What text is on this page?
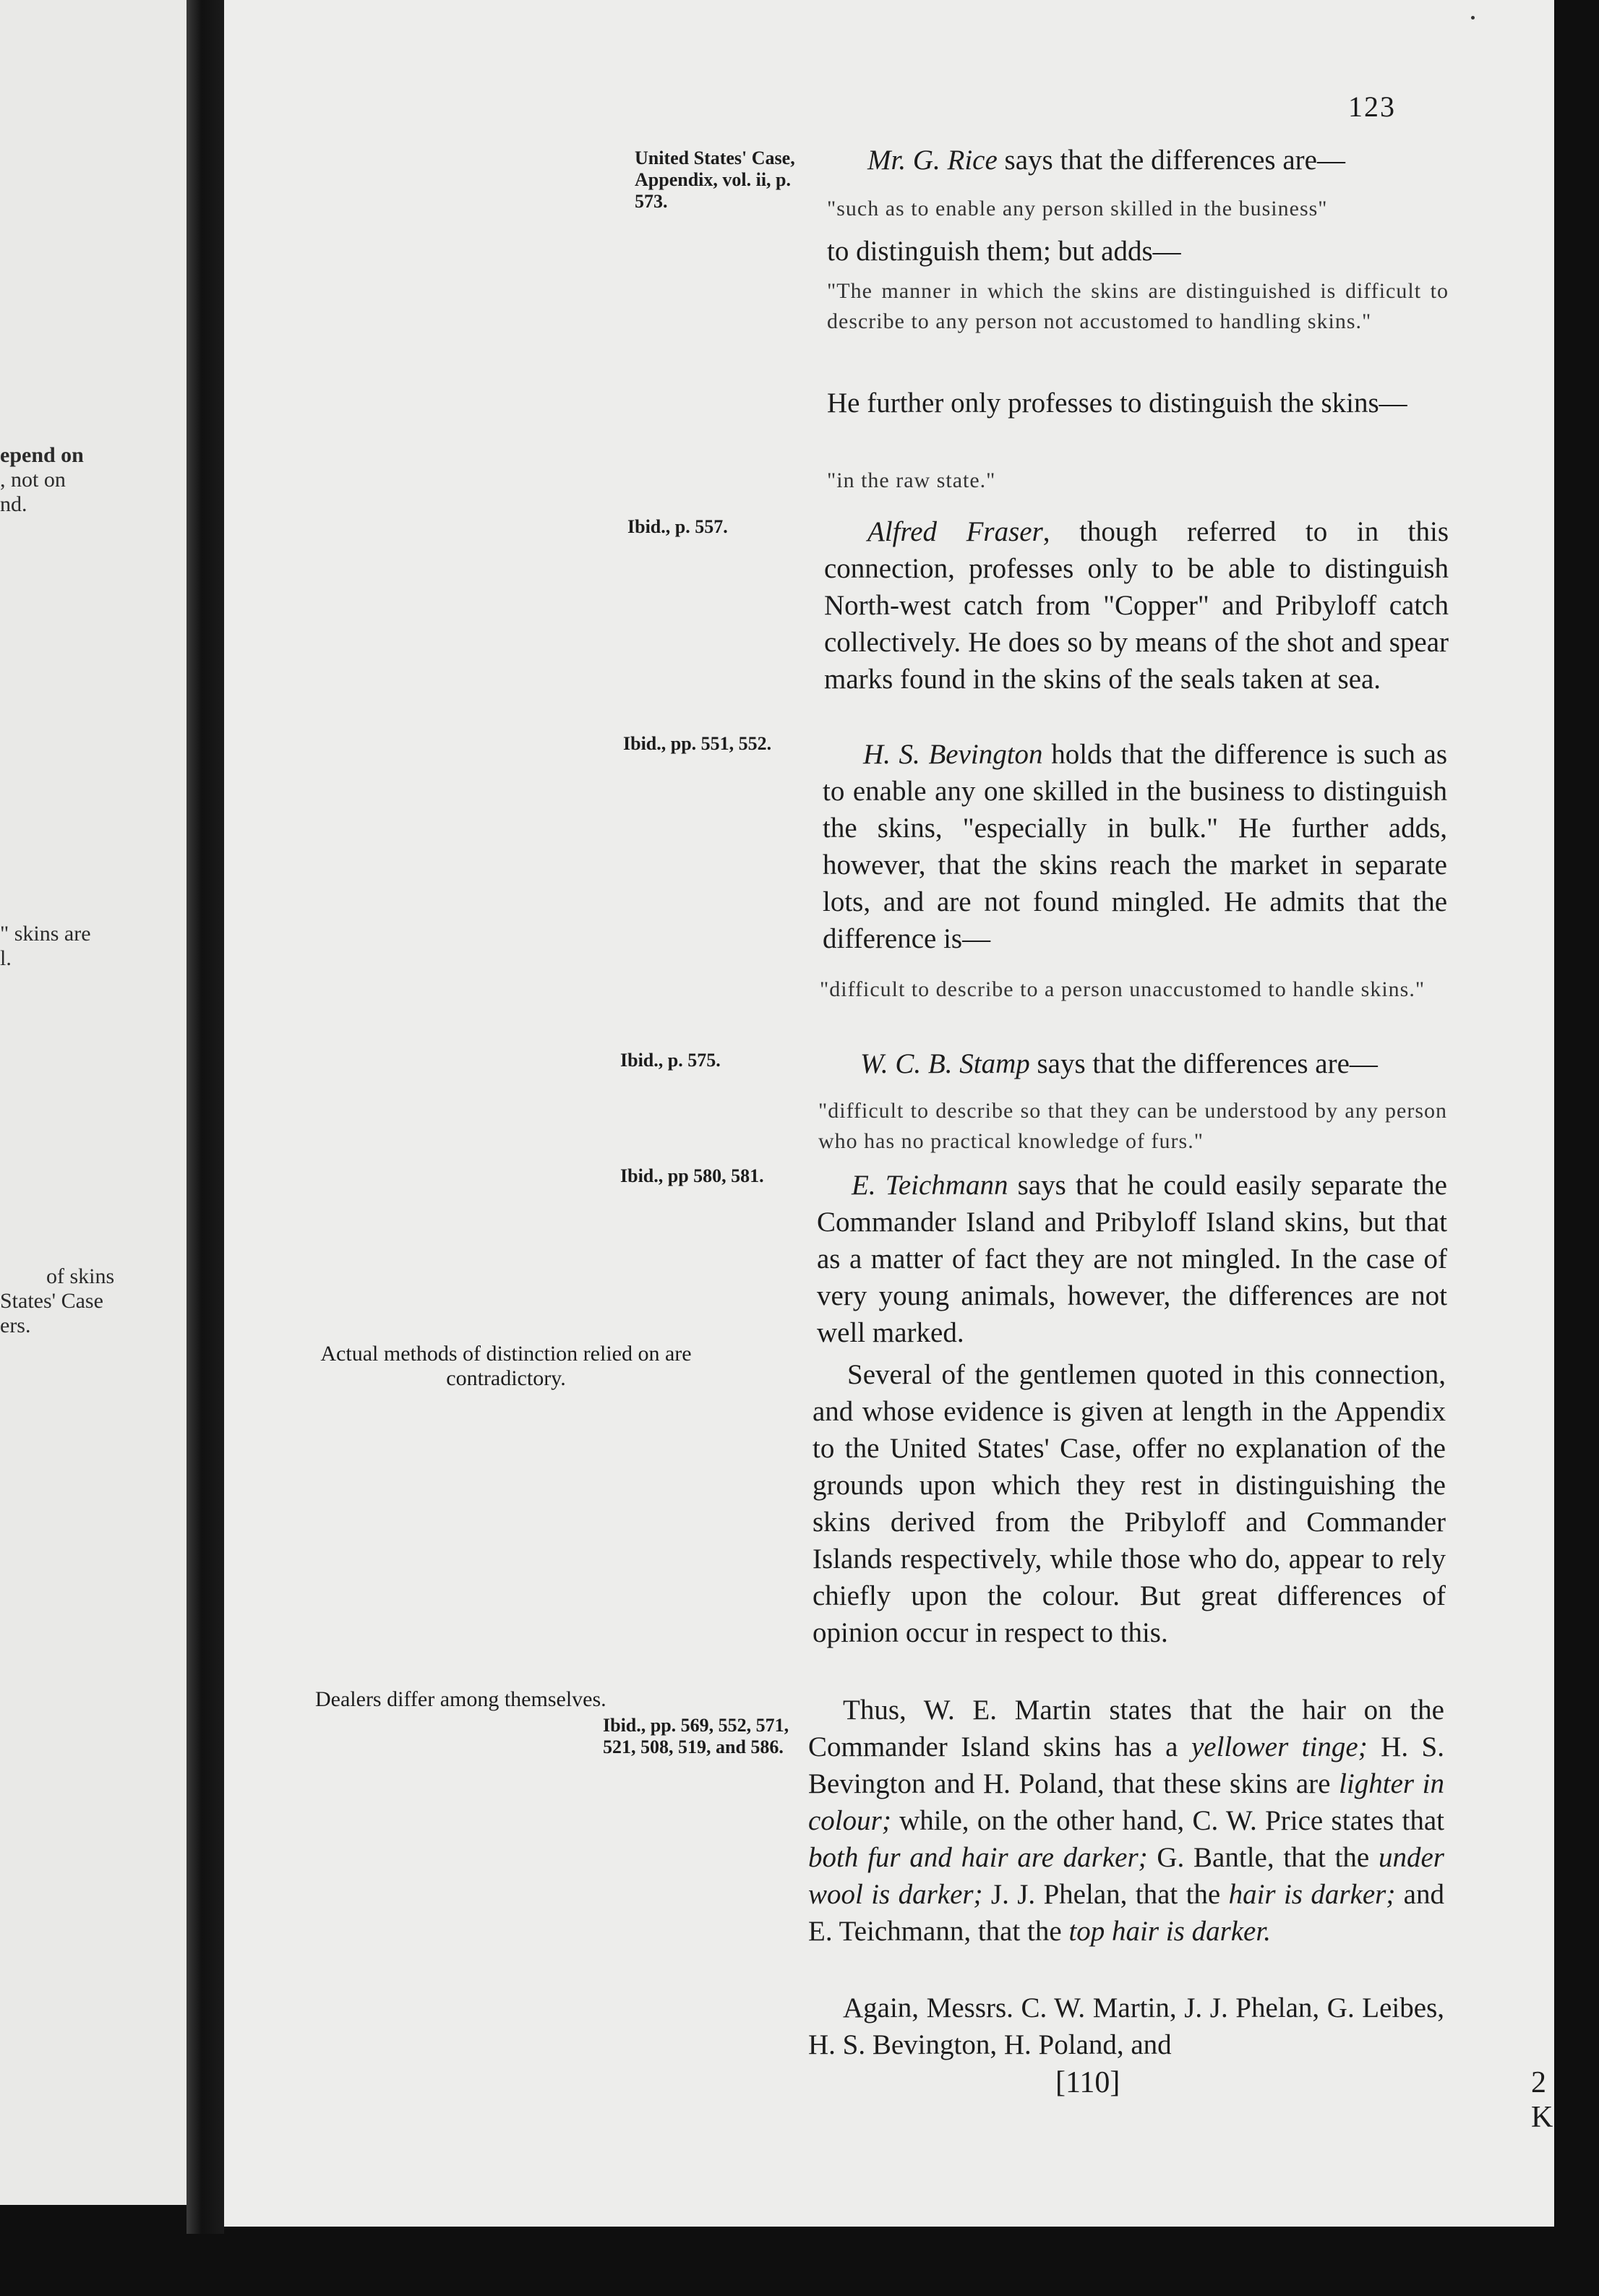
epend on
, not on
nd.
" skins are
l.
of skins
States' Case
ers.
123
United States' Case, Appendix, vol. ii, p. 573.
Ibid., p. 557.
Ibid., pp. 551, 552.
Ibid., p. 575.
Ibid., pp 580, 581.
Actual methods of distinction relied on are contradictory.
Dealers differ among themselves.
Ibid., pp. 569, 552, 571, 521, 508, 519, and 586.
Mr. G. Rice says that the differences are—
"such as to enable any person skilled in the business"
to distinguish them; but adds—
"The manner in which the skins are distinguished is difficult to describe to any person not accustomed to handling skins."
He further only professes to distinguish the skins—
"in the raw state."
Alfred Fraser, though referred to in this connection, professes only to be able to distinguish North-west catch from "Copper" and Pribyloff catch collectively. He does so by means of the shot and spear marks found in the skins of the seals taken at sea.
H. S. Bevington holds that the difference is such as to enable any one skilled in the business to distinguish the skins, "especially in bulk." He further adds, however, that the skins reach the market in separate lots, and are not found mingled. He admits that the difference is—
"difficult to describe to a person unaccustomed to handle skins."
W. C. B. Stamp says that the differences are—
"difficult to describe so that they can be understood by any person who has no practical knowledge of furs."
E. Teichmann says that he could easily separate the Commander Island and Pribyloff Island skins, but that as a matter of fact they are not mingled. In the case of very young animals, however, the differences are not well marked.
Several of the gentlemen quoted in this connection, and whose evidence is given at length in the Appendix to the United States' Case, offer no explanation of the grounds upon which they rest in distinguishing the skins derived from the Pribyloff and Commander Islands respectively, while those who do, appear to rely chiefly upon the colour. But great differences of opinion occur in respect to this.
Thus, W. E. Martin states that the hair on the Commander Island skins has a yellower tinge; H. S. Bevington and H. Poland, that these skins are lighter in colour; while, on the other hand, C. W. Price states that both fur and hair are darker; G. Bantle, that the under wool is darker; J. J. Phelan, that the hair is darker; and E. Teichmann, that the top hair is darker.
Again, Messrs. C. W. Martin, J. J. Phelan, G. Leibes, H. S. Bevington, H. Poland, and
[110]	2 K
